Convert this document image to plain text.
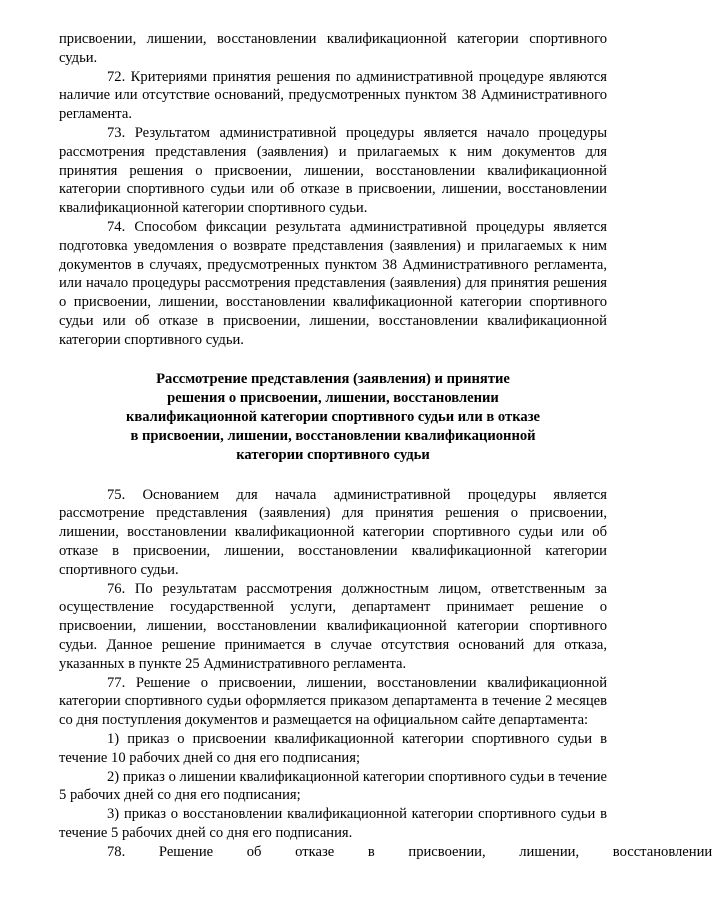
присвоении, лишении, восстановлении квалификационной категории спортивного судьи.

72. Критериями принятия решения по административной процедуре являются наличие или отсутствие оснований, предусмотренных пунктом 38 Административного регламента.

73. Результатом административной процедуры является начало процедуры рассмотрения представления (заявления) и прилагаемых к ним документов для принятия решения о присвоении, лишении, восстановлении квалификационной категории спортивного судьи или об отказе в присвоении, лишении, восстановлении квалификационной категории спортивного судьи.

74. Способом фиксации результата административной процедуры является подготовка уведомления о возврате представления (заявления) и прилагаемых к ним документов в случаях, предусмотренных пунктом 38 Административного регламента, или начало процедуры рассмотрения представления (заявления) для принятия решения о присвоении, лишении, восстановлении квалификационной категории спортивного судьи или об отказе в присвоении, лишении, восстановлении квалификационной категории спортивного судьи.

Рассмотрение представления (заявления) и принятие
решения о присвоении, лишении, восстановлении
квалификационной категории спортивного судьи или в отказе
в присвоении, лишении, восстановлении квалификационной
категории спортивного судьи

75. Основанием для начала административной процедуры является рассмотрение представления (заявления) для принятия решения о присвоении, лишении, восстановлении квалификационной категории спортивного судьи или об отказе в присвоении, лишении, восстановлении квалификационной категории спортивного судьи.

76. По результатам рассмотрения должностным лицом, ответственным за осуществление государственной услуги, департамент принимает решение о присвоении, лишении, восстановлении квалификационной категории спортивного судьи. Данное решение принимается в случае отсутствия оснований для отказа, указанных в пункте 25 Административного регламента.

77. Решение о присвоении, лишении, восстановлении квалификационной категории спортивного судьи оформляется приказом департамента в течение 2 месяцев со дня поступления документов и размещается на официальном сайте департамента:

1) приказ о присвоении квалификационной категории спортивного судьи в течение 10 рабочих дней со дня его подписания;

2) приказ о лишении квалификационной категории спортивного судьи в течение 5 рабочих дней со дня его подписания;

3) приказ о восстановлении квалификационной категории спортивного судьи в течение 5 рабочих дней со дня его подписания.

78. Решение об отказе в присвоении, лишении, восстановлении
